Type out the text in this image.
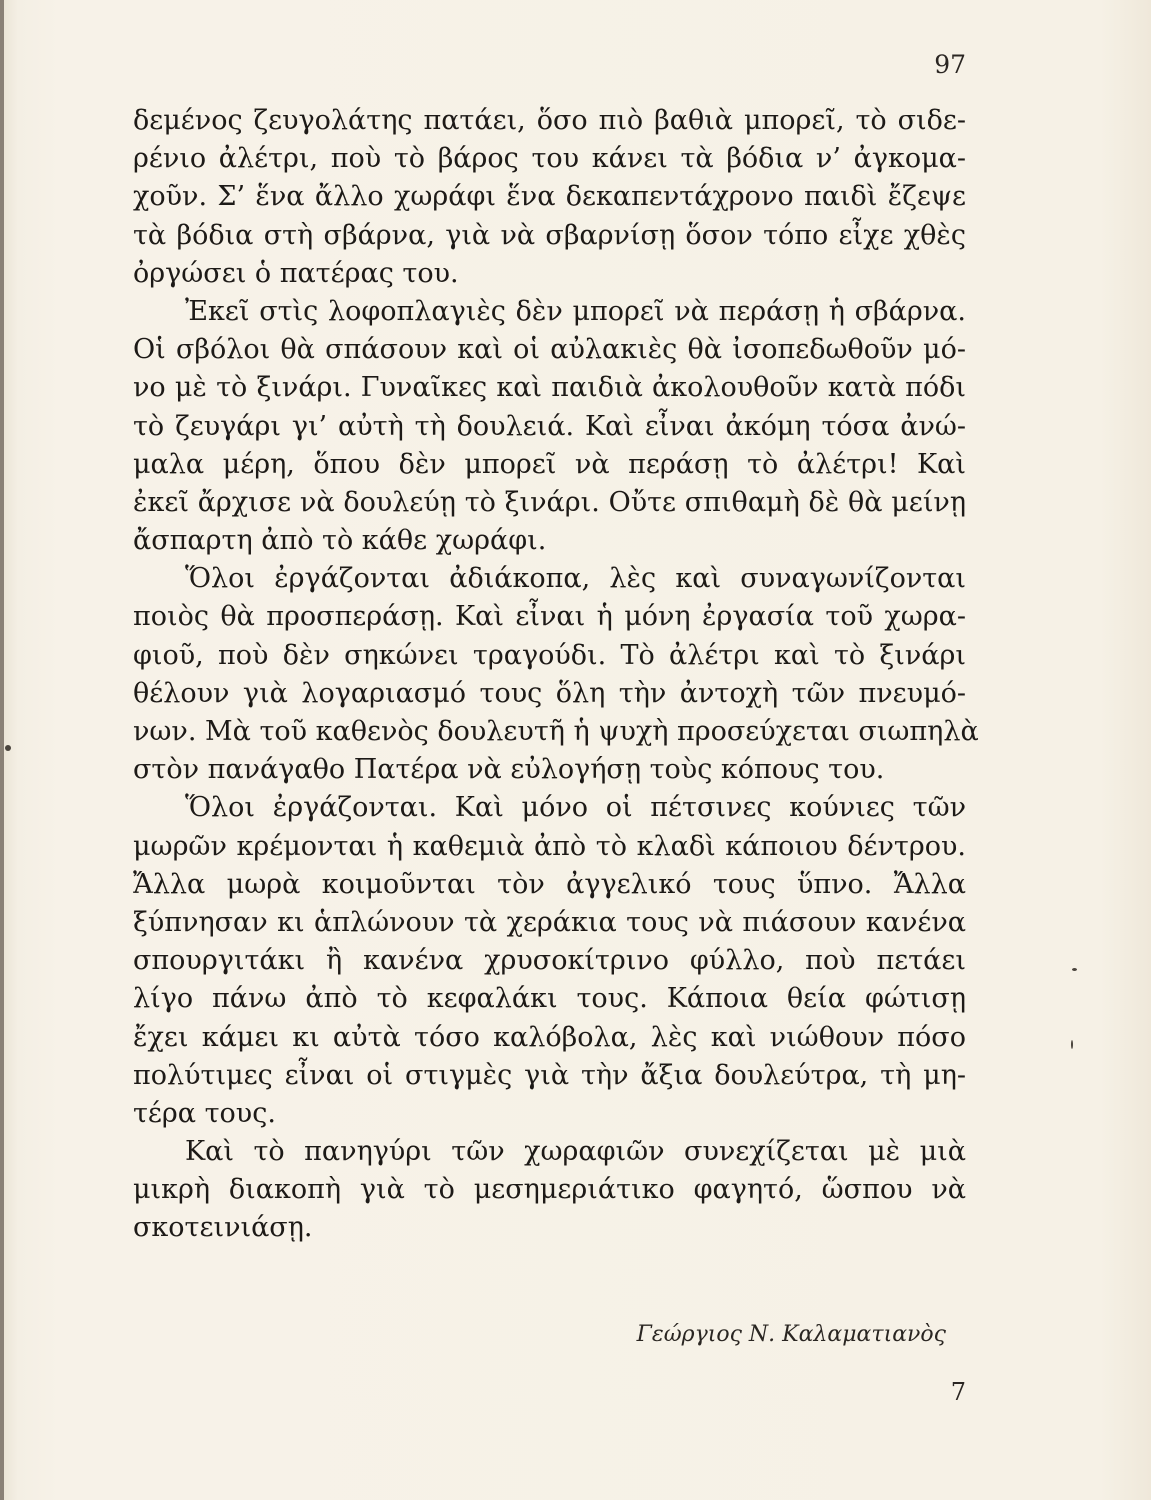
97
δεμένος ζευγολάτης πατάει, ὅσο πιὸ βαθιὰ μπορεῖ, τὸ σιδε-
ρένιο ἀλέτρι, ποὺ τὸ βάρος του κάνει τὰ βόδια ν’ ἀγκομα-
χοῦν. Σ’ ἕνα ἄλλο χωράφι ἕνα δεκαπεντάχρονο παιδὶ ἔζεψε
τὰ βόδια στὴ σβάρνα, γιὰ νὰ σβαρνίσῃ ὅσον τόπο εἶχε χθὲς
ὀργώσει ὁ πατέρας του.
Ἐκεῖ στὶς λοφοπλαγιὲς δὲν μπορεῖ νὰ περάσῃ ἡ σβάρνα.
Οἱ σβόλοι θὰ σπάσουν καὶ οἱ αὐλακιὲς θὰ ἰσοπεδωθοῦν μό-
νο μὲ τὸ ξινάρι. Γυναῖκες καὶ παιδιὰ ἀκολουθοῦν κατὰ πόδι
τὸ ζευγάρι γι’ αὐτὴ τὴ δουλειά. Καὶ εἶναι ἀκόμη τόσα ἀνώ-
μαλα μέρη, ὅπου δὲν μπορεῖ νὰ περάσῃ τὸ ἀλέτρι! Καὶ
ἐκεῖ ἄρχισε νὰ δουλεύῃ τὸ ξινάρι. Οὔτε σπιθαμὴ δὲ θὰ μείνῃ
ἄσπαρτη ἀπὸ τὸ κάθε χωράφι.
Ὅλοι ἐργάζονται ἀδιάκοπα, λὲς καὶ συναγωνίζονται
ποιὸς θὰ προσπεράσῃ. Καὶ εἶναι ἡ μόνη ἐργασία τοῦ χωρα-
φιοῦ, ποὺ δὲν σηκώνει τραγούδι. Τὸ ἀλέτρι καὶ τὸ ξινάρι
θέλουν γιὰ λογαριασμό τους ὅλη τὴν ἀντοχὴ τῶν πνευμό-
νων. Μὰ τοῦ καθενὸς δουλευτῆ ἡ ψυχὴ προσεύχεται σιωπηλὰ
στὸν πανάγαθο Πατέρα νὰ εὐλογήσῃ τοὺς κόπους του.
Ὅλοι ἐργάζονται. Καὶ μόνο οἱ πέτσινες κούνιες τῶν
μωρῶν κρέμονται ἡ καθεμιὰ ἀπὸ τὸ κλαδὶ κάποιου δέντρου.
Ἄλλα μωρὰ κοιμοῦνται τὸν ἀγγελικό τους ὕπνο. Ἄλλα
ξύπνησαν κι ἁπλώνουν τὰ χεράκια τους νὰ πιάσουν κανένα
σπουργιτάκι ἢ κανένα χρυσοκίτρινο φύλλο, ποὺ πετάει
λίγο πάνω ἀπὸ τὸ κεφαλάκι τους. Κάποια θεία φώτισῃ
ἔχει κάμει κι αὐτὰ τόσο καλόβολα, λὲς καὶ νιώθουν πόσο
πολύτιμες εἶναι οἱ στιγμὲς γιὰ τὴν ἄξια δουλεύτρα, τὴ μη-
τέρα τους.
Καὶ τὸ πανηγύρι τῶν χωραφιῶν συνεχίζεται μὲ μιὰ
μικρὴ διακοπὴ γιὰ τὸ μεσημεριάτικο φαγητό, ὥσπου νὰ
σκοτεινιάσῃ.
Γεώργιος Ν. Καλαματιανὸς
7
